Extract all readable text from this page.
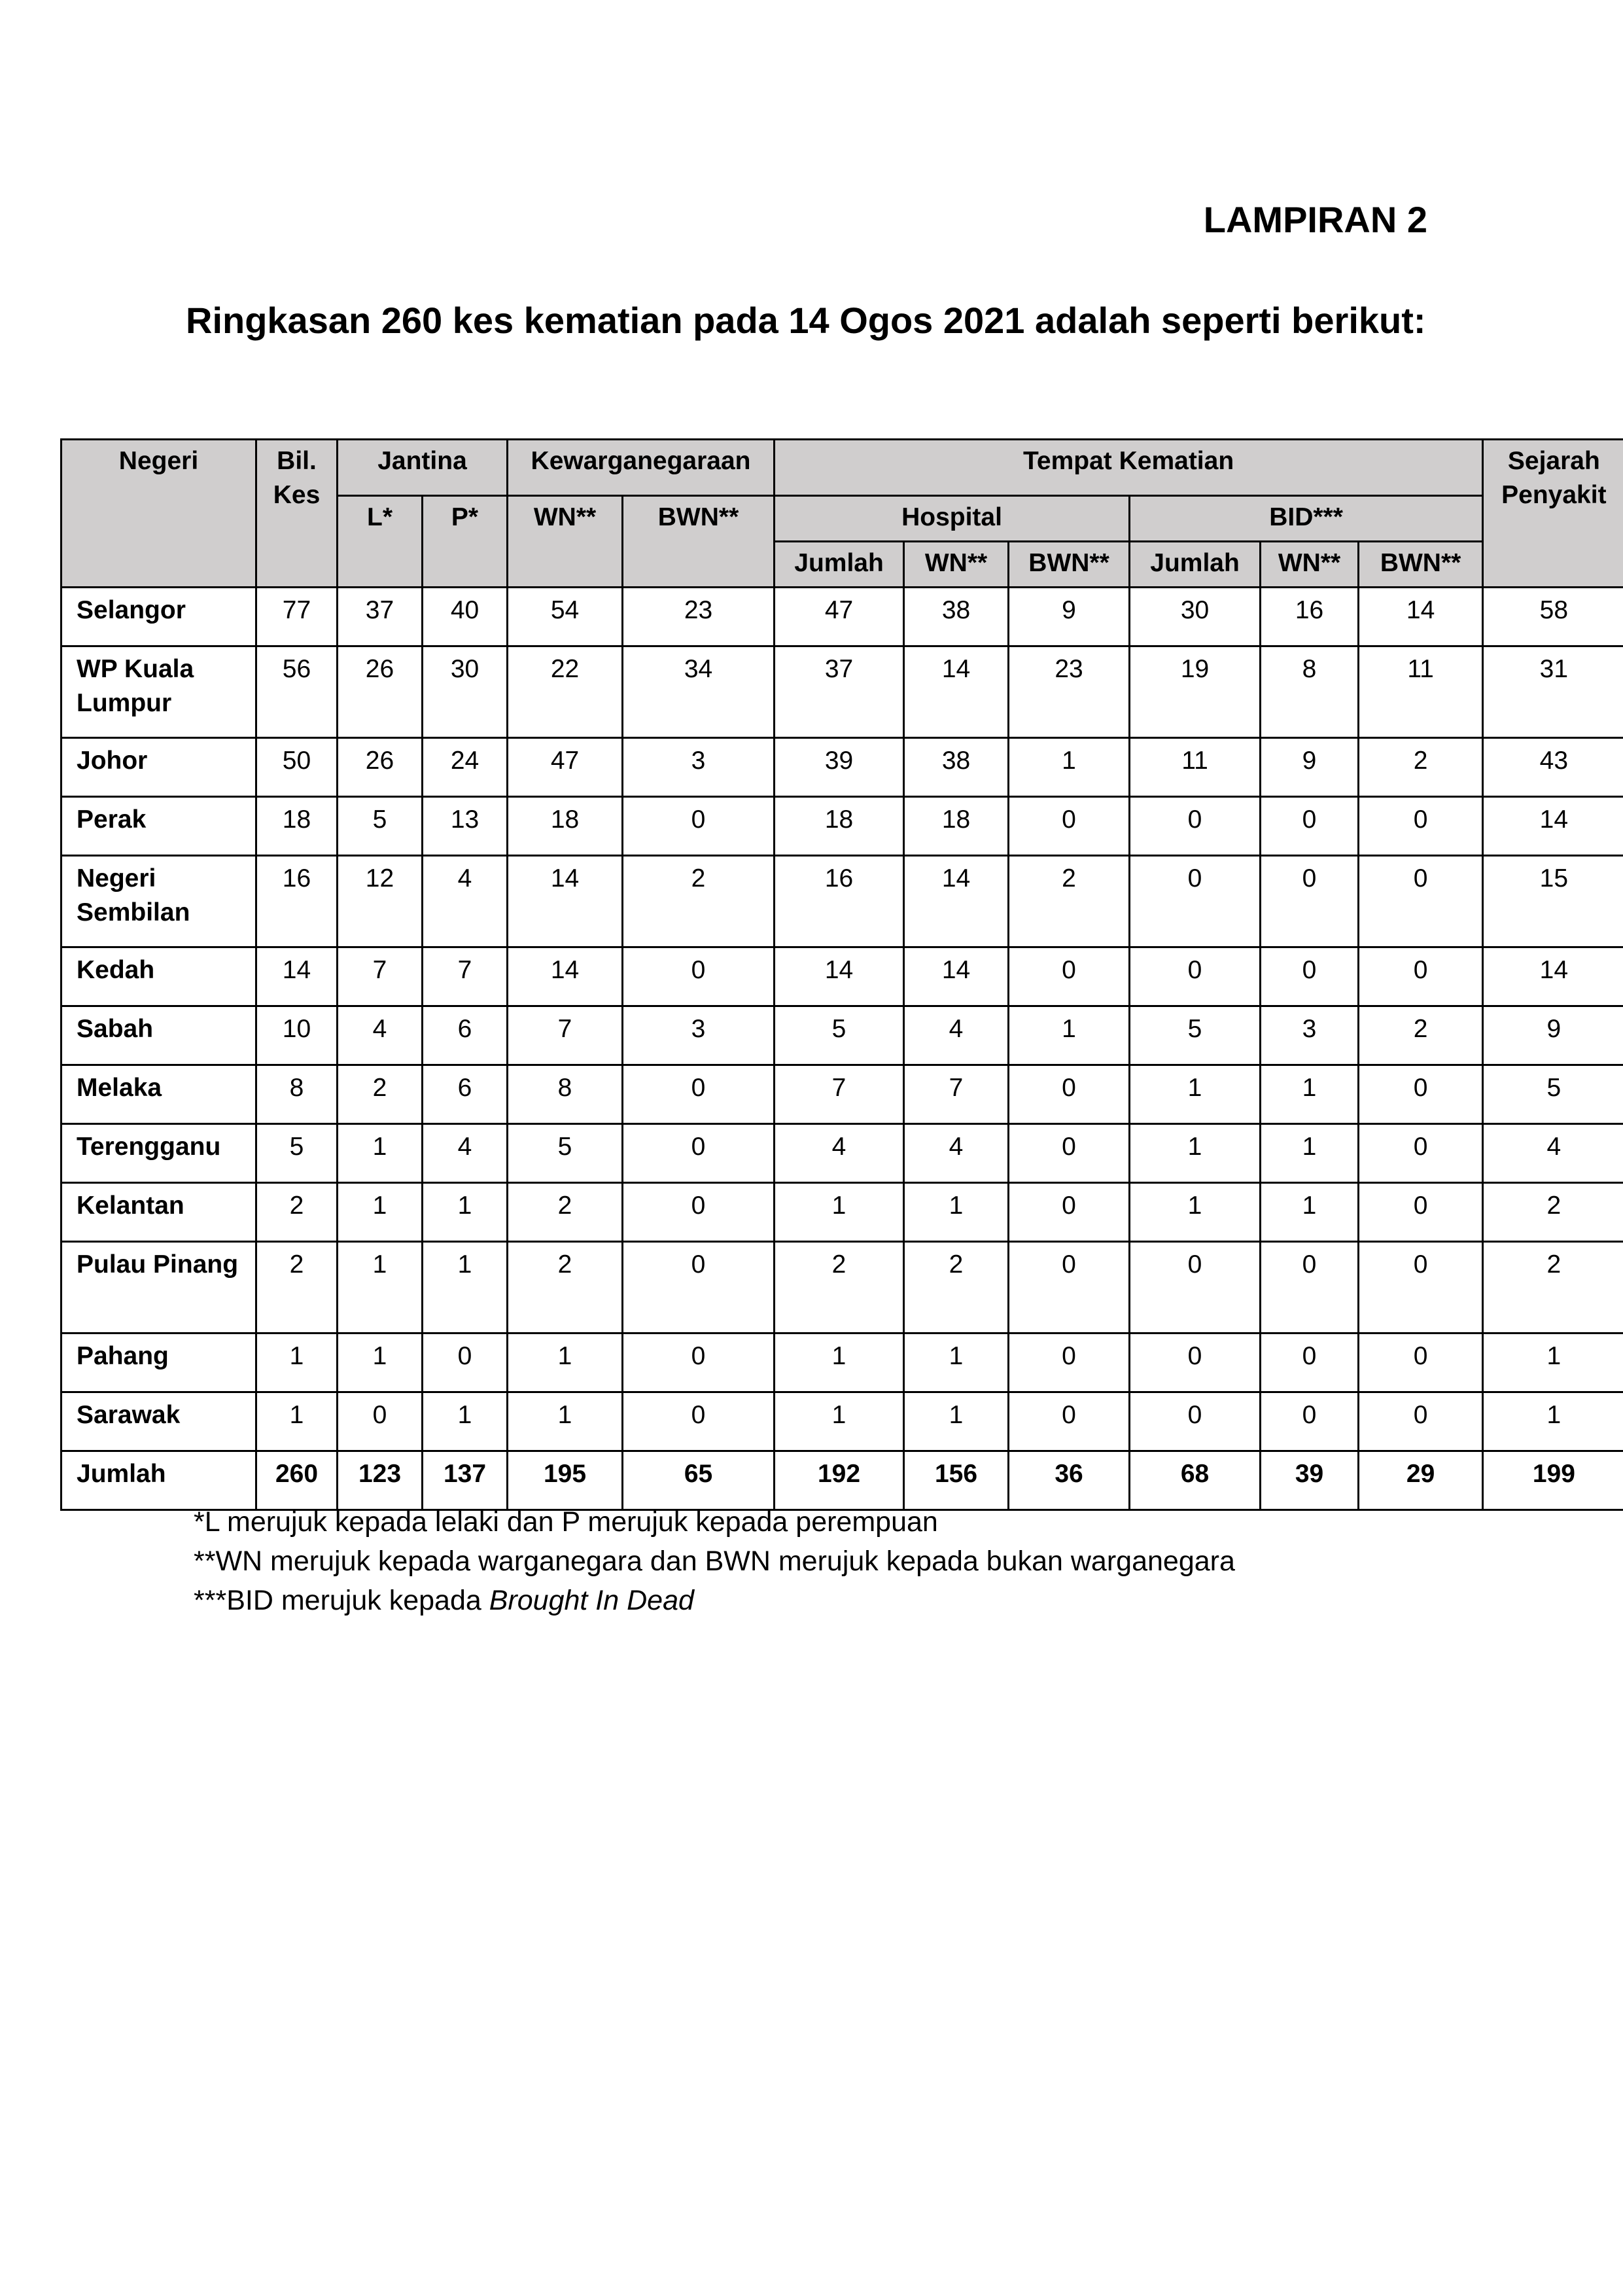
LAMPIRAN 2
Ringkasan 260 kes kematian pada 14 Ogos 2021 adalah seperti berikut:
Negeri	Bil. Kes	Jantina		Kewarganegaraan		Tempat Kematian						Sejarah Penyakit
		L*	P*	WN**	BWN**	Hospital			BID***			
						Jumlah	WN**	BWN**	Jumlah	WN**	BWN**	
Selangor	77	37	40	54	23	47	38	9	30	16	14	58
WP Kuala Lumpur	56	26	30	22	34	37	14	23	19	8	11	31
Johor	50	26	24	47	3	39	38	1	11	9	2	43
Perak	18	5	13	18	0	18	18	0	0	0	0	14
Negeri Sembilan	16	12	4	14	2	16	14	2	0	0	0	15
Kedah	14	7	7	14	0	14	14	0	0	0	0	14
Sabah	10	4	6	7	3	5	4	1	5	3	2	9
Melaka	8	2	6	8	0	7	7	0	1	1	0	5
Terengganu	5	1	4	5	0	4	4	0	1	1	0	4
Kelantan	2	1	1	2	0	1	1	0	1	1	0	2
Pulau Pinang	2	1	1	2	0	2	2	0	0	0	0	2
Pahang	1	1	0	1	0	1	1	0	0	0	0	1
Sarawak	1	0	1	1	0	1	1	0	0	0	0	1
Jumlah	260	123	137	195	65	192	156	36	68	39	29	199
*L merujuk kepada lelaki dan P merujuk kepada perempuan
**WN merujuk kepada warganegara dan BWN merujuk kepada bukan warganegara
***BID merujuk kepada Brought In Dead
